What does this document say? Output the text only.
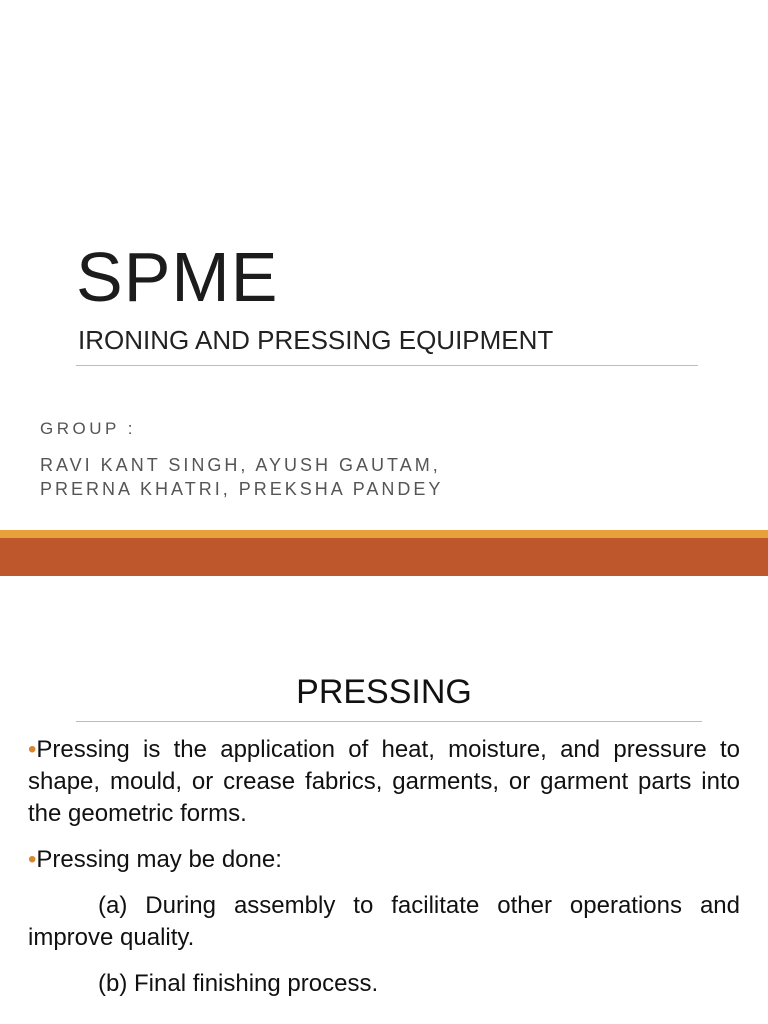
SPME
IRONING AND PRESSING EQUIPMENT

GROUP :

RAVI KANT SINGH, AYUSH GAUTAM,
PRERNA KHATRI, PREKSHA PANDEY

PRESSING

•Pressing is the application of heat, moisture, and pressure to shape, mould, or crease fabrics, garments, or garment parts into the geometric forms.

•Pressing may be done:

(a) During assembly to facilitate other operations and improve quality.

(b) Final finishing process.
